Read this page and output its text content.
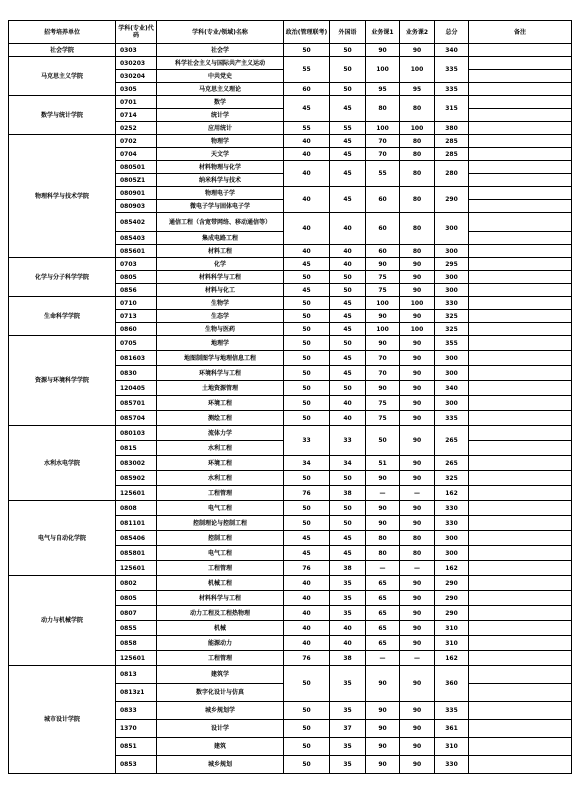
招考培养单位	学科(专业)代码	学科(专业/领域)名称	政治(管理联考)	外国语	业务课1	业务课2	总分	备注
社会学院	0303	社会学	50	50	90	90	340	
马克思主义学院	030203	科学社会主义与国际共产主义运动	55	50	100	100	335	
	030204	中共党史						
	0305	马克思主义理论	60	50	95	95	335	
数学与统计学院	0701	数学	45	45	80	80	315	
	0714	统计学						
	0252	应用统计	55	55	100	100	380	
物理科学与技术学院	0702	物理学	40	45	70	80	285	
	0704	天文学	40	45	70	80	285	
	080501	材料物理与化学	40	45	55	80	280	
	0805Z1	纳米科学与技术						
	080901	物理电子学	40	45	60	80	290	
	080903	微电子学与固体电子学						
	085402	通信工程（含宽带网络、移动通信等）	40	40	60	80	300	
	085403	集成电路工程						
	085601	材料工程	40	40	60	80	300	
化学与分子科学学院	0703	化学	45	40	90	90	295	
	0805	材料科学与工程	50	50	75	90	300	
	0856	材料与化工	45	50	75	90	300	
生命科学学院	0710	生物学	50	45	100	100	330	
	0713	生态学	50	45	90	90	325	
	0860	生物与医药	50	45	100	100	325	
资源与环境科学学院	0705	地理学	50	50	90	90	355	
	081603	地图制图学与地理信息工程	50	45	70	90	300	
	0830	环境科学与工程	50	45	70	90	300	
	120405	土地资源管理	50	50	90	90	340	
	085701	环境工程	50	40	75	90	300	
	085704	测绘工程	50	40	75	90	335	
水利水电学院	080103	流体力学	33	33	50	90	265	
	0815	水利工程						
	083002	环境工程	34	34	51	90	265	
	085902	水利工程	50	50	90	90	325	
	125601	工程管理	76	38	—	—	162	
电气与自动化学院	0808	电气工程	50	50	90	90	330	
	081101	控制理论与控制工程	50	50	90	90	330	
	085406	控制工程	45	45	80	80	300	
	085801	电气工程	45	45	80	80	300	
	125601	工程管理	76	38	—	—	162	
动力与机械学院	0802	机械工程	40	35	65	90	290	
	0805	材料科学与工程	40	35	65	90	290	
	0807	动力工程及工程热物理	40	35	65	90	290	
	0855	机械	40	40	65	90	310	
	0858	能源动力	40	40	65	90	310	
	125601	工程管理	76	38	—	—	162	
城市设计学院	0813	建筑学	50	35	90	90	360	
	0813z1	数字化设计与仿真						
	0833	城乡规划学	50	35	90	90	335	
	1370	设计学	50	37	90	90	361	
	0851	建筑	50	35	90	90	310	
	0853	城乡规划	50	35	90	90	330	
